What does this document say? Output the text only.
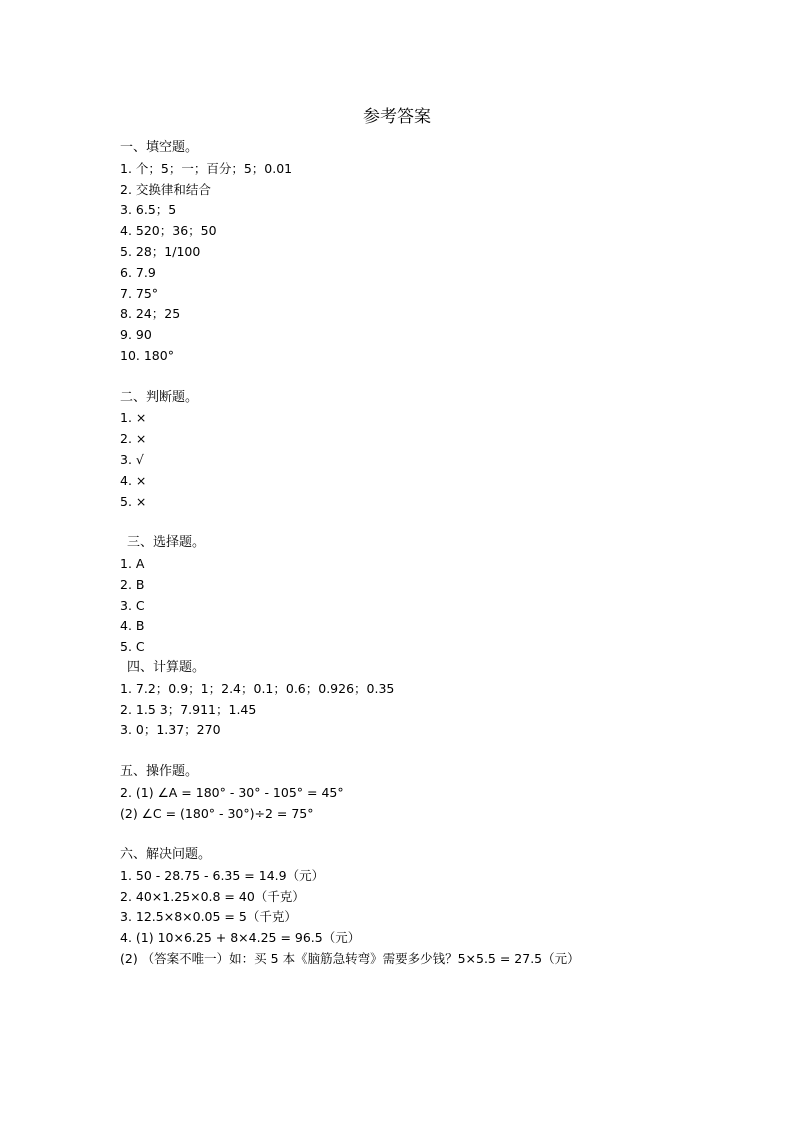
参考答案
一、填空题。
1. 个；5；一；百分；5；0.01
2. 交换律和结合
3. 6.5；5
4. 520；36；50
5. 28；1/100
6. 7.9
7. 75°
8. 24；25
9. 90
10. 180°
二、判断题。
1. ×
2. ×
3. √
4. ×
5. ×
三、选择题。
1. A
2. B
3. C
4. B
5. C
四、计算题。
1. 7.2；0.9；1；2.4；0.1；0.6；0.926；0.35
2. 1.5 3；7.911；1.45
3. 0；1.37；270
五、操作题。
2. (1) ∠A = 180° - 30° - 105° = 45°
(2) ∠C = (180° - 30°)÷2 = 75°
六、解决问题。
1. 50 - 28.75 - 6.35 = 14.9（元）
2. 40×1.25×0.8 = 40（千克）
3. 12.5×8×0.05 = 5（千克）
4. (1) 10×6.25 + 8×4.25 = 96.5（元）
(2) （答案不唯一）如：买 5 本《脑筋急转弯》需要多少钱？5×5.5 = 27.5（元）
